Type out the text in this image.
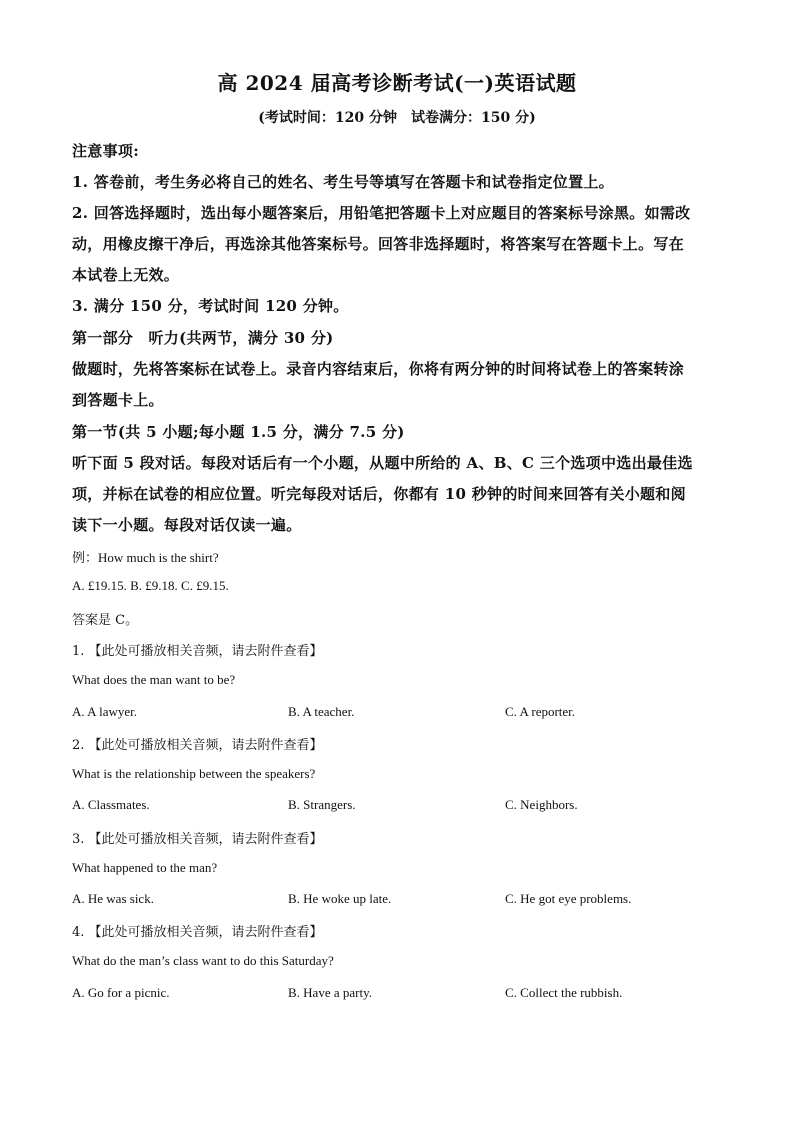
高 2024 届高考诊断考试(一)英语试题
(考试时间：120 分钟　试卷满分：150 分)
注意事项:
1. 答卷前，考生务必将自己的姓名、考生号等填写在答题卡和试卷指定位置上。
2. 回答选择题时，选出每小题答案后，用铅笔把答题卡上对应题目的答案标号涂黑。如需改
动，用橡皮擦干净后，再选涂其他答案标号。回答非选择题时，将答案写在答题卡上。写在
本试卷上无效。
3. 满分 150 分，考试时间 120 分钟。
第一部分　听力(共两节，满分 30 分)
做题时，先将答案标在试卷上。录音内容结束后，你将有两分钟的时间将试卷上的答案转涂
到答题卡上。
第一节(共 5 小题;每小题 1.5 分，满分 7.5 分)
听下面 5 段对话。每段对话后有一个小题，从题中所给的 A、B、C 三个选项中选出最佳选
项，并标在试卷的相应位置。听完每段对话后，你都有 10 秒钟的时间来回答有关小题和阅
读下一小题。每段对话仅读一遍。
例：How much is the shirt?
A. £19.15. B. £9.18. C. £9.15.
答案是 C。
1. 【此处可播放相关音频，请去附件查看】
What does the man want to be?
A. A lawyer.	B. A teacher.	C. A reporter.
2. 【此处可播放相关音频，请去附件查看】
What is the relationship between the speakers?
A. Classmates.	B. Strangers.	C. Neighbors.
3. 【此处可播放相关音频，请去附件查看】
What happened to the man?
A. He was sick.	B. He woke up late.	C. He got eye problems.
4. 【此处可播放相关音频，请去附件查看】
What do the man’s class want to do this Saturday?
A. Go for a picnic.	B. Have a party.	C. Collect the rubbish.
